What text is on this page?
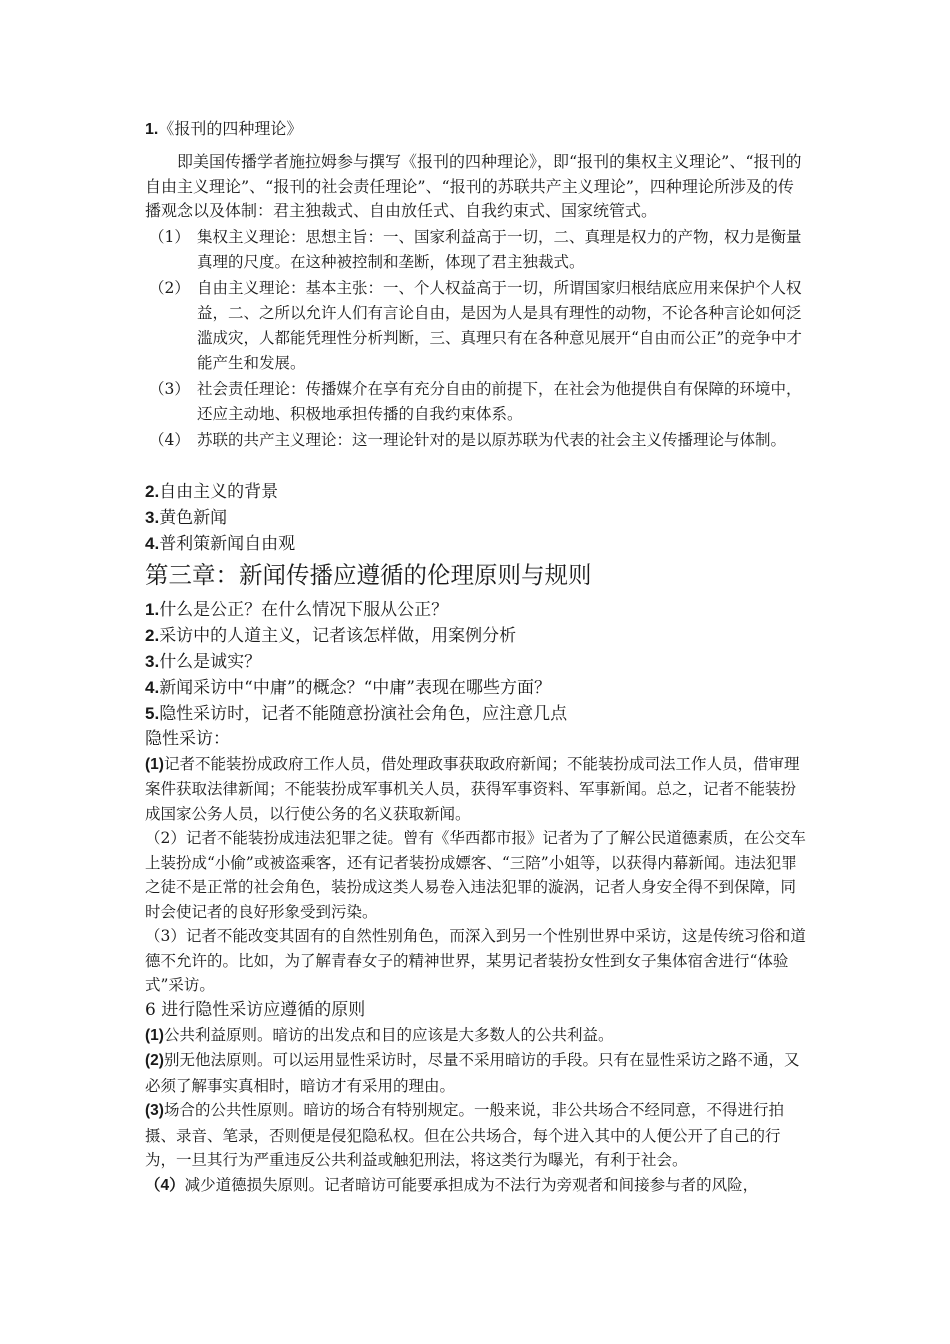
1.《报刊的四种理论》
即美国传播学者施拉姆参与撰写《报刊的四种理论》，即“报刊的集权主义理论”、“报刊的自由主义理论”、“报刊的社会责任理论”、“报刊的苏联共产主义理论”，四种理论所涉及的传播观念以及体制：君主独裁式、自由放任式、自我约束式、国家统管式。
（1） 集权主义理论：思想主旨：一、国家利益高于一切，二、真理是权力的产物，权力是衡量真理的尺度。在这种被控制和垄断，体现了君主独裁式。
（2） 自由主义理论：基本主张：一、个人权益高于一切，所谓国家归根结底应用来保护个人权益，二、之所以允许人们有言论自由，是因为人是具有理性的动物，不论各种言论如何泛滥成灾，人都能凭理性分析判断，三、真理只有在各种意见展开“自由而公正”的竞争中才能产生和发展。
（3） 社会责任理论：传播媒介在享有充分自由的前提下，在社会为他提供自有保障的环境中，还应主动地、积极地承担传播的自我约束体系。
（4） 苏联的共产主义理论：这一理论针对的是以原苏联为代表的社会主义传播理论与体制。
2.自由主义的背景
3.黄色新闻
4.普利策新闻自由观
第三章：新闻传播应遵循的伦理原则与规则
1.什么是公正？在什么情况下服从公正？
2.采访中的人道主义，记者该怎样做，用案例分析
3.什么是诚实？
4.新闻采访中“中庸”的概念？“中庸”表现在哪些方面？
5.隐性采访时，记者不能随意扮演社会角色，应注意几点
隐性采访：
(1)记者不能装扮成政府工作人员，借处理政事获取政府新闻；不能装扮成司法工作人员，借审理案件获取法律新闻；不能装扮成军事机关人员，获得军事资料、军事新闻。总之，记者不能装扮成国家公务人员，以行使公务的名义获取新闻。
（2）记者不能装扮成违法犯罪之徒。曾有《华西都市报》记者为了了解公民道德素质，在公交车上装扮成“小偷”或被盗乘客，还有记者装扮成嫖客、“三陪”小姐等，以获得内幕新闻。违法犯罪之徒不是正常的社会角色，装扮成这类人易卷入违法犯罪的漩涡，记者人身安全得不到保障，同时会使记者的良好形象受到污染。
（3）记者不能改变其固有的自然性别角色，而深入到另一个性别世界中采访，这是传统习俗和道德不允许的。比如，为了解青春女子的精神世界，某男记者装扮女性到女子集体宿舍进行“体验式”采访。
6 进行隐性采访应遵循的原则
(1)公共利益原则。暗访的出发点和目的应该是大多数人的公共利益。
(2)别无他法原则。可以运用显性采访时，尽量不采用暗访的手段。只有在显性采访之路不通，又必须了解事实真相时，暗访才有采用的理由。
(3)场合的公共性原则。暗访的场合有特别规定。一般来说，非公共场合不经同意，不得进行拍摄、录音、笔录，否则便是侵犯隐私权。但在公共场合，每个进入其中的人便公开了自己的行为，一旦其行为严重违反公共利益或触犯刑法，将这类行为曝光，有利于社会。
（4）减少道德损失原则。记者暗访可能要承担成为不法行为旁观者和间接参与者的风险，
